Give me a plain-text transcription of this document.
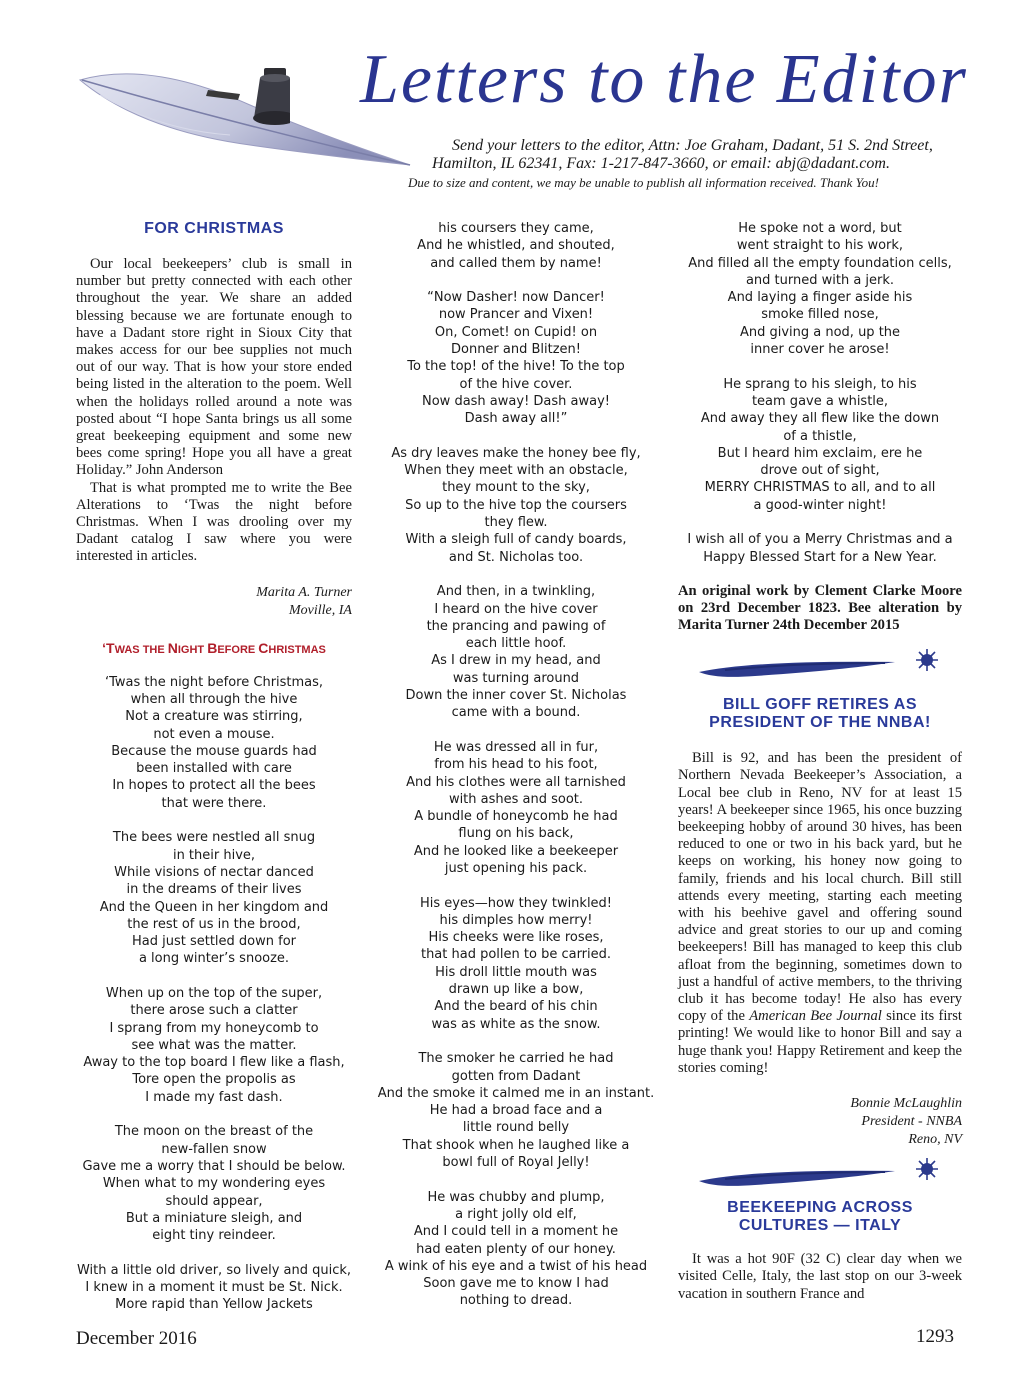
Letters to the Editor
Send your letters to the editor, Attn: Joe Graham, Dadant, 51 S. 2nd Street,
Hamilton, IL 62341, Fax: 1-217-847-3660, or email: abj@dadant.com.
Due to size and content, we may be unable to publish all information received. Thank You!
FOR CHRISTMAS

Our local beekeepers’ club is small in number but pretty connected with each other throughout the year. We share an added blessing because we are fortunate enough to have a Dadant store right in Sioux City that makes access for our bee supplies not much out of our way. That is how your store ended being listed in the alteration to the poem. Well when the holidays rolled around a note was posted about “I hope Santa brings us all some great beekeeping equipment and some new bees come spring! Hope you all have a great Holiday.” John Anderson

That is what prompted me to write the Bee Alterations to ‘Twas the night before Christmas. When I was drooling over my Dadant catalog I saw where you were interested in articles.

Marita A. Turner
Moville, IA
‘TWAS THE NIGHT BEFORE CHRISTMAS
‘Twas the night before Christmas,
when all through the hive
Not a creature was stirring,
not even a mouse.
Because the mouse guards had
been installed with care
In hopes to protect all the bees
that were there.
The bees were nestled all snug
in their hive,
While visions of nectar danced
in the dreams of their lives
And the Queen in her kingdom and
the rest of us in the brood,
Had just settled down for
a long winter’s snooze.
When up on the top of the super,
there arose such a clatter
I sprang from my honeycomb to
see what was the matter.
Away to the top board I flew like a flash,
Tore open the propolis as
I made my fast dash.
The moon on the breast of the
new-fallen snow
Gave me a worry that I should be below.
When what to my wondering eyes
should appear,
But a miniature sleigh, and
eight tiny reindeer.
With a little old driver, so lively and quick,
I knew in a moment it must be St. Nick.
More rapid than Yellow Jackets
his coursers they came,
And he whistled, and shouted,
and called them by name!
“Now Dasher! now Dancer!
now Prancer and Vixen!
On, Comet! on Cupid! on
Donner and Blitzen!
To the top! of the hive! To the top
of the hive cover.
Now dash away! Dash away!
Dash away all!”
As dry leaves make the honey bee fly,
When they meet with an obstacle,
they mount to the sky,
So up to the hive top the coursers
they flew.
With a sleigh full of candy boards,
and St. Nicholas too.
And then, in a twinkling,
I heard on the hive cover
the prancing and pawing of
each little hoof.
As I drew in my head, and
was turning around
Down the inner cover St. Nicholas
came with a bound.
He was dressed all in fur,
from his head to his foot,
And his clothes were all tarnished
with ashes and soot.
A bundle of honeycomb he had
flung on his back,
And he looked like a beekeeper
just opening his pack.
His eyes—how they twinkled!
his dimples how merry!
His cheeks were like roses,
that had pollen to be carried.
His droll little mouth was
drawn up like a bow,
And the beard of his chin
was as white as the snow.
The smoker he carried he had
gotten from Dadant
And the smoke it calmed me in an instant.
He had a broad face and a
little round belly
That shook when he laughed like a
bowl full of Royal Jelly!
He was chubby and plump,
a right jolly old elf,
And I could tell in a moment he
had eaten plenty of our honey.
A wink of his eye and a twist of his head
Soon gave me to know I had
nothing to dread.
He spoke not a word, but
went straight to his work,
And filled all the empty foundation cells,
and turned with a jerk.
And laying a finger aside his
smoke filled nose,
And giving a nod, up the
inner cover he arose!
He sprang to his sleigh, to his
team gave a whistle,
And away they all flew like the down
of a thistle,
But I heard him exclaim, ere he
drove out of sight,
MERRY CHRISTMAS to all, and to all
a good-winter night!
I wish all of you a Merry Christmas and a
Happy Blessed Start for a New Year.
An original work by Clement Clarke Moore on 23rd December 1823. Bee alteration by Marita Turner 24th December 2015
BILL GOFF RETIRES AS
PRESIDENT OF THE NNBA!

Bill is 92, and has been the president of Northern Nevada Beekeeper’s Association, a Local bee club in Reno, NV for at least 15 years! A beekeeper since 1965, his once buzzing beekeeping hobby of around 30 hives, has been reduced to one or two in his back yard, but he keeps on working, his honey now going to family, friends and his local church. Bill still attends every meeting, starting each meeting with his beehive gavel and offering sound advice and great stories to our up and coming beekeepers! Bill has managed to keep this club afloat from the beginning, sometimes down to just a handful of active members, to the thriving club it has become today! He also has every copy of the American Bee Journal since its first printing! We would like to honor Bill and say a huge thank you! Happy Retirement and keep the stories coming!

Bonnie McLaughlin
President - NNBA
Reno, NV
BEEKEEPING ACROSS
CULTURES — ITALY

It was a hot 90F (32 C) clear day when we visited Celle, Italy, the last stop on our 3-week vacation in southern France and

December 2016	1293
